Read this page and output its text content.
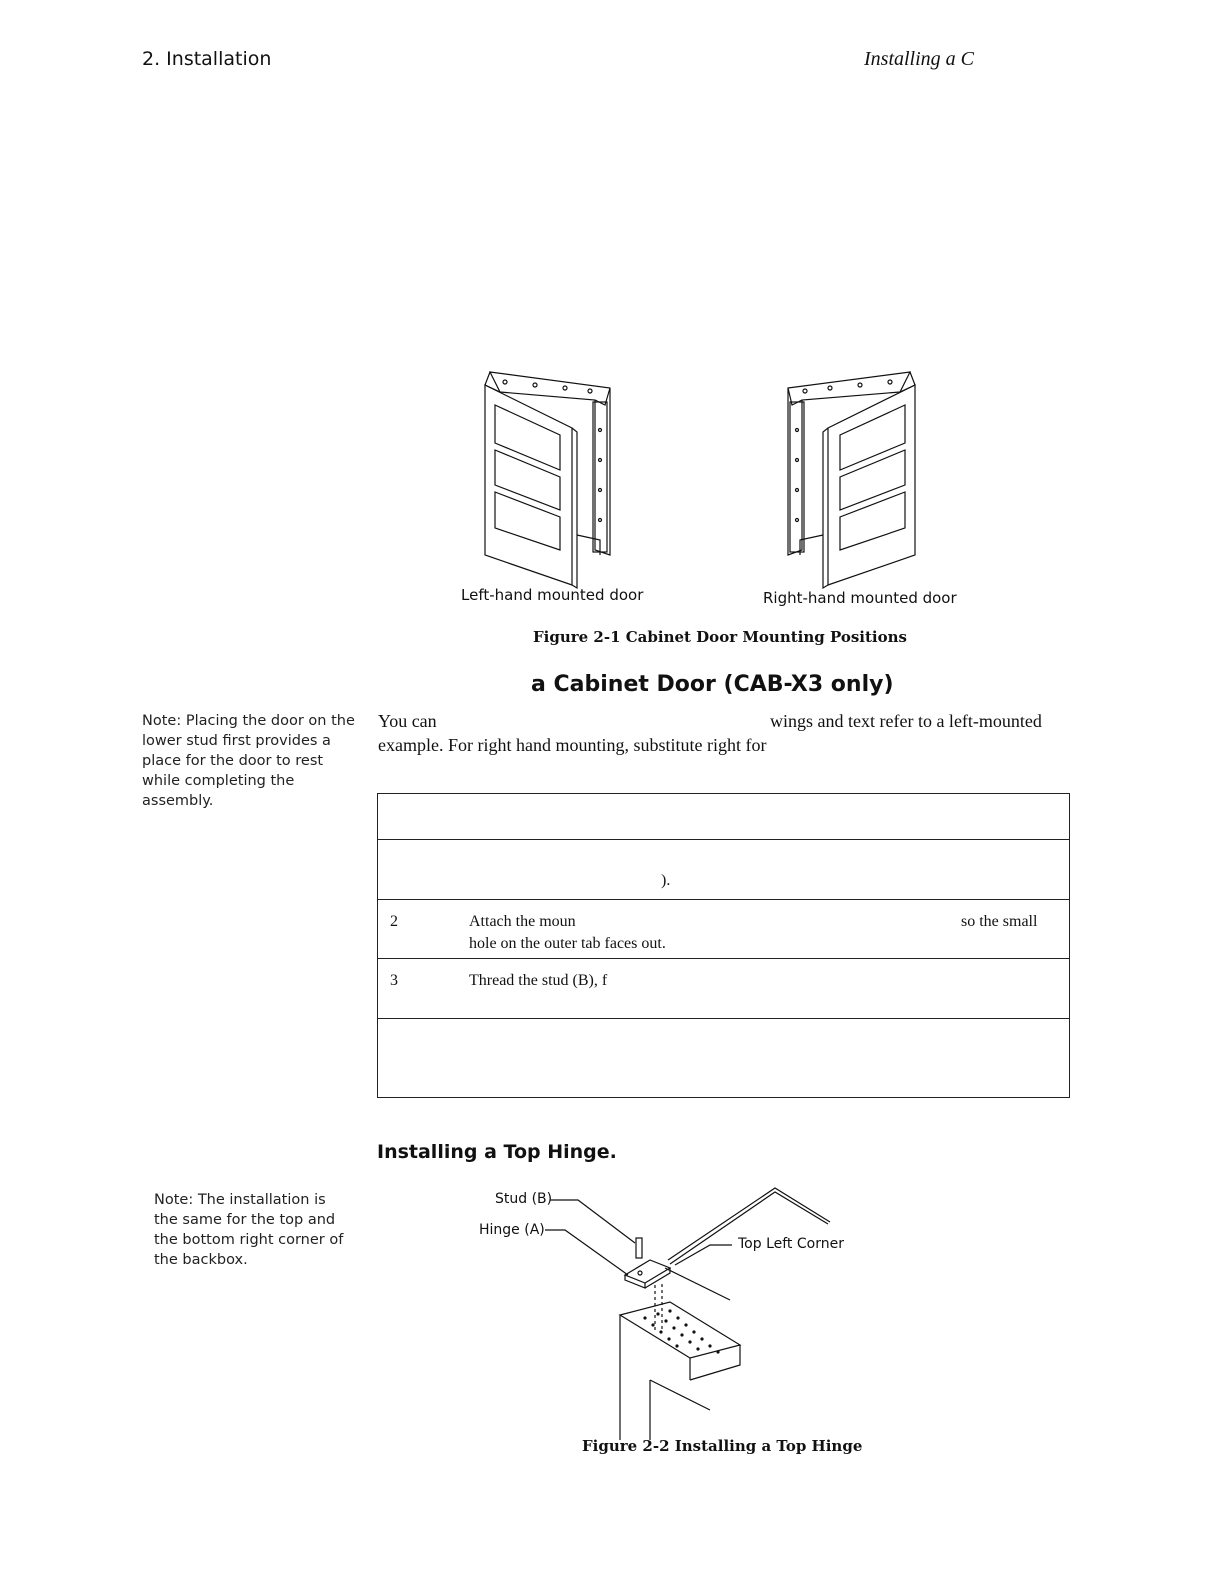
2. Installation	Installing a C
Left-hand mounted door	Right-hand mounted door
Figure 2-1 Cabinet Door Mounting Positions
a Cabinet Door (CAB-X3 only)
Note: Placing the door on the lower stud first provides a place for the door to rest while completing the assembly.
Note: The installation is the same for the top and the bottom right corner of the backbox.
You can	wings and text refer to a left-mounted
example. For right hand mounting, substitute right for
).
2	Attach the moun	so the small
hole on the outer tab faces out.
3	Thread the stud (B), f
Installing a Top Hinge.
Stud (B)
Hinge (A)
Top Left Corner
Figure 2-2 Installing a Top Hinge
